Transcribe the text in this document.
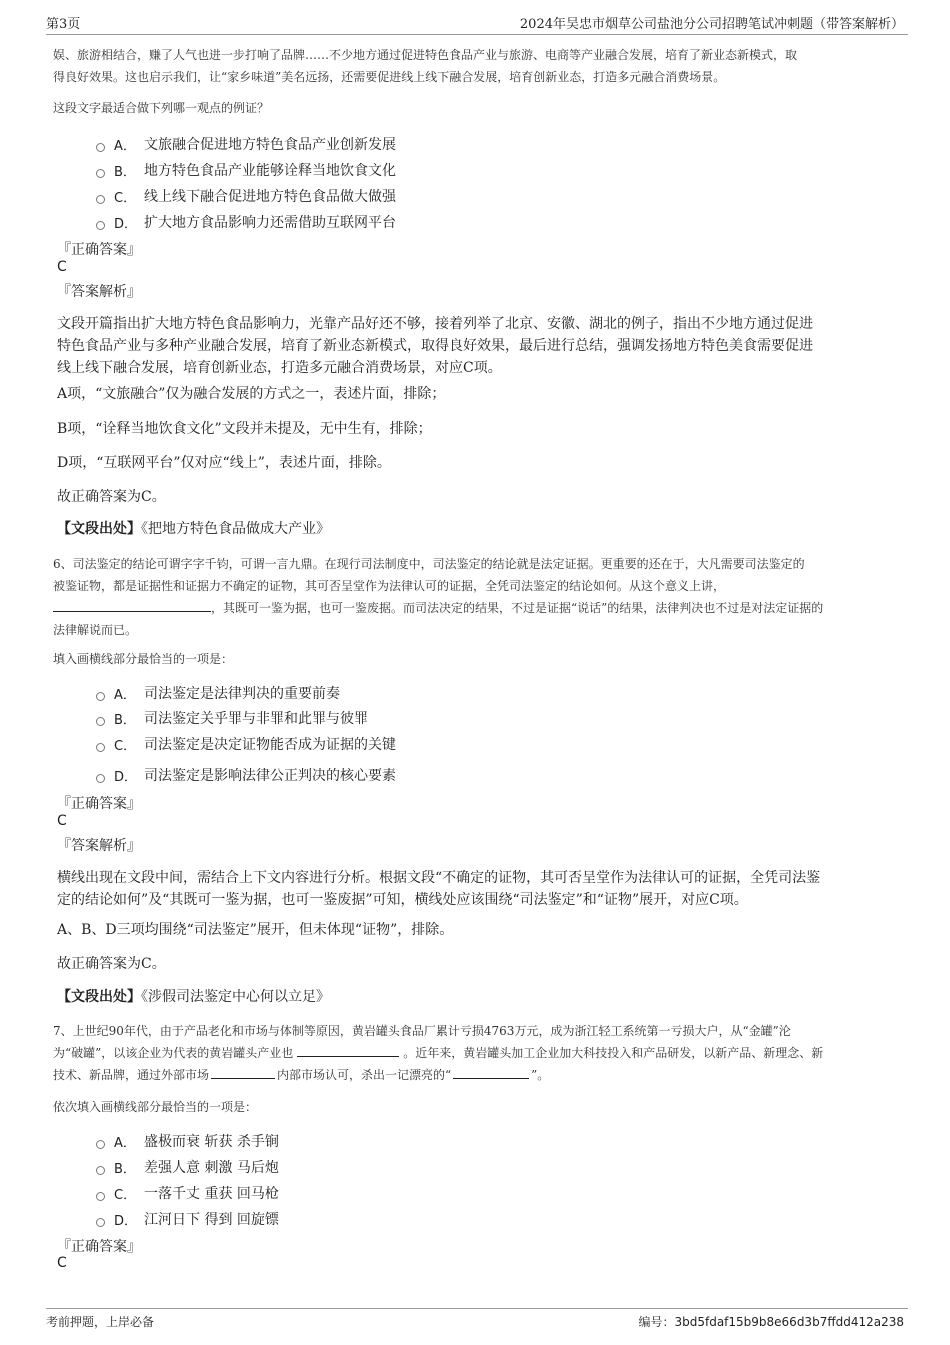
第3页	2024年吴忠市烟草公司盐池分公司招聘笔试冲刺题（带答案解析）
娱、旅游相结合，赚了人气也进一步打响了品牌……不少地方通过促进特色食品产业与旅游、电商等产业融合发展，培育了新业态新模式，取
得良好效果。这也启示我们，让“家乡味道”美名远扬，还需要促进线上线下融合发展，培育创新业态，打造多元融合消费场景。
这段文字最适合做下列哪一观点的例证？
A． 文旅融合促进地方特色食品产业创新发展
B． 地方特色食品产业能够诠释当地饮食文化
C． 线上线下融合促进地方特色食品做大做强
D． 扩大地方食品影响力还需借助互联网平台
『正确答案』
C
『答案解析』
文段开篇指出扩大地方特色食品影响力，光靠产品好还不够，接着列举了北京、安徽、湖北的例子，指出不少地方通过促进
特色食品产业与多种产业融合发展，培育了新业态新模式，取得良好效果，最后进行总结，强调发扬地方特色美食需要促进
线上线下融合发展，培育创新业态，打造多元融合消费场景，对应C项。
A项，“文旅融合”仅为融合发展的方式之一，表述片面，排除；
B项，“诠释当地饮食文化”文段并未提及，无中生有，排除；
D项，“互联网平台”仅对应“线上”，表述片面，排除。
故正确答案为C。
【文段出处】《把地方特色食品做成大产业》
6、司法鉴定的结论可谓字字千钧，可谓一言九鼎。在现行司法制度中，司法鉴定的结论就是法定证据。更重要的还在于，大凡需要司法鉴定的
被鉴证物，都是证据性和证据力不确定的证物，其可否呈堂作为法律认可的证据，全凭司法鉴定的结论如何。从这个意义上讲，
，其既可一鉴为据，也可一鉴废据。而司法决定的结果，不过是证据“说话”的结果，法律判决也不过是对法定证据的
法律解说而已。
填入画横线部分最恰当的一项是：
A． 司法鉴定是法律判决的重要前奏
B． 司法鉴定关乎罪与非罪和此罪与彼罪
C． 司法鉴定是决定证物能否成为证据的关键
D． 司法鉴定是影响法律公正判决的核心要素
『正确答案』
C
『答案解析』
横线出现在文段中间，需结合上下文内容进行分析。根据文段“不确定的证物，其可否呈堂作为法律认可的证据，全凭司法鉴
定的结论如何”及“其既可一鉴为据，也可一鉴废据”可知，横线处应该围绕“司法鉴定”和“证物”展开，对应C项。
A、B、D三项均围绕“司法鉴定”展开，但未体现“证物”，排除。
故正确答案为C。
【文段出处】《涉假司法鉴定中心何以立足》
7、上世纪90年代，由于产品老化和市场与体制等原因，黄岩罐头食品厂累计亏损4763万元，成为浙江轻工系统第一亏损大户，从“金罐”沦
为“破罐”，以该企业为代表的黄岩罐头产业也	。近年来，黄岩罐头加工企业加大科技投入和产品研发，以新产品、新理念、新
技术、新品牌，通过外部市场	内部市场认可，杀出一记漂亮的“	”。
依次填入画横线部分最恰当的一项是：
A． 盛极而衰 斩获 杀手锏
B． 差强人意 刺激 马后炮
C． 一落千丈 重获 回马枪
D． 江河日下 得到 回旋镖
『正确答案』
C
考前押题，上岸必备	编号：3bd5fdaf15b9b8e66d3b7ffdd412a238
